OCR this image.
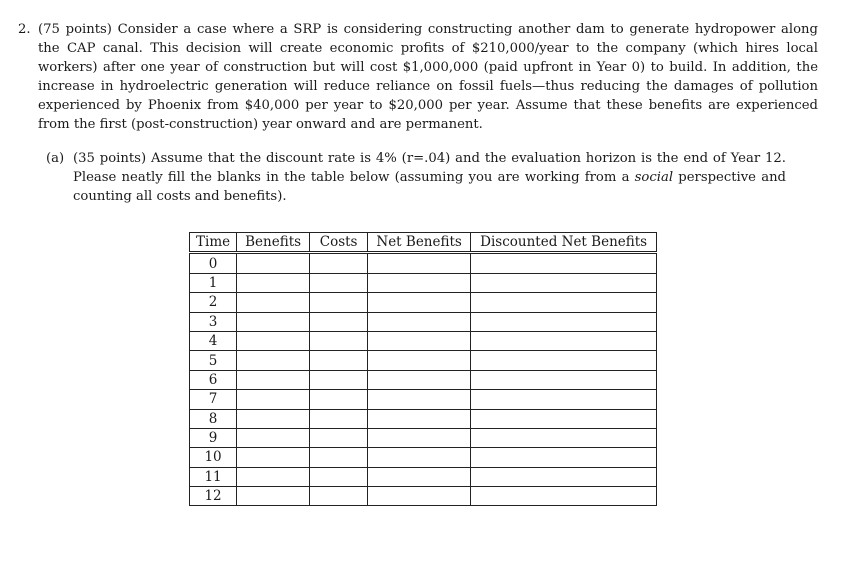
2. (75 points) Consider a case where a SRP is considering constructing another dam to generate hydropower along the CAP canal. This decision will create economic profits of $210,000/year to the company (which hires local workers) after one year of construction but will cost $1,000,000 (paid upfront in Year 0) to build. In addition, the increase in hydroelectric generation will reduce reliance on fossil fuels—thus reducing the damages of pollution experienced by Phoenix from $40,000 per year to $20,000 per year. Assume that these benefits are experienced from the first (post-construction) year onward and are permanent.
(a) (35 points) Assume that the discount rate is 4% (r=.04) and the evaluation horizon is the end of Year 12. Please neatly fill the blanks in the table below (assuming you are working from a social perspective and counting all costs and benefits).
Time	Benefits	Costs	Net Benefits	Discounted Net Benefits
0				
1				
2				
3				
4				
5				
6				
7				
8				
9				
10				
11				
12				
